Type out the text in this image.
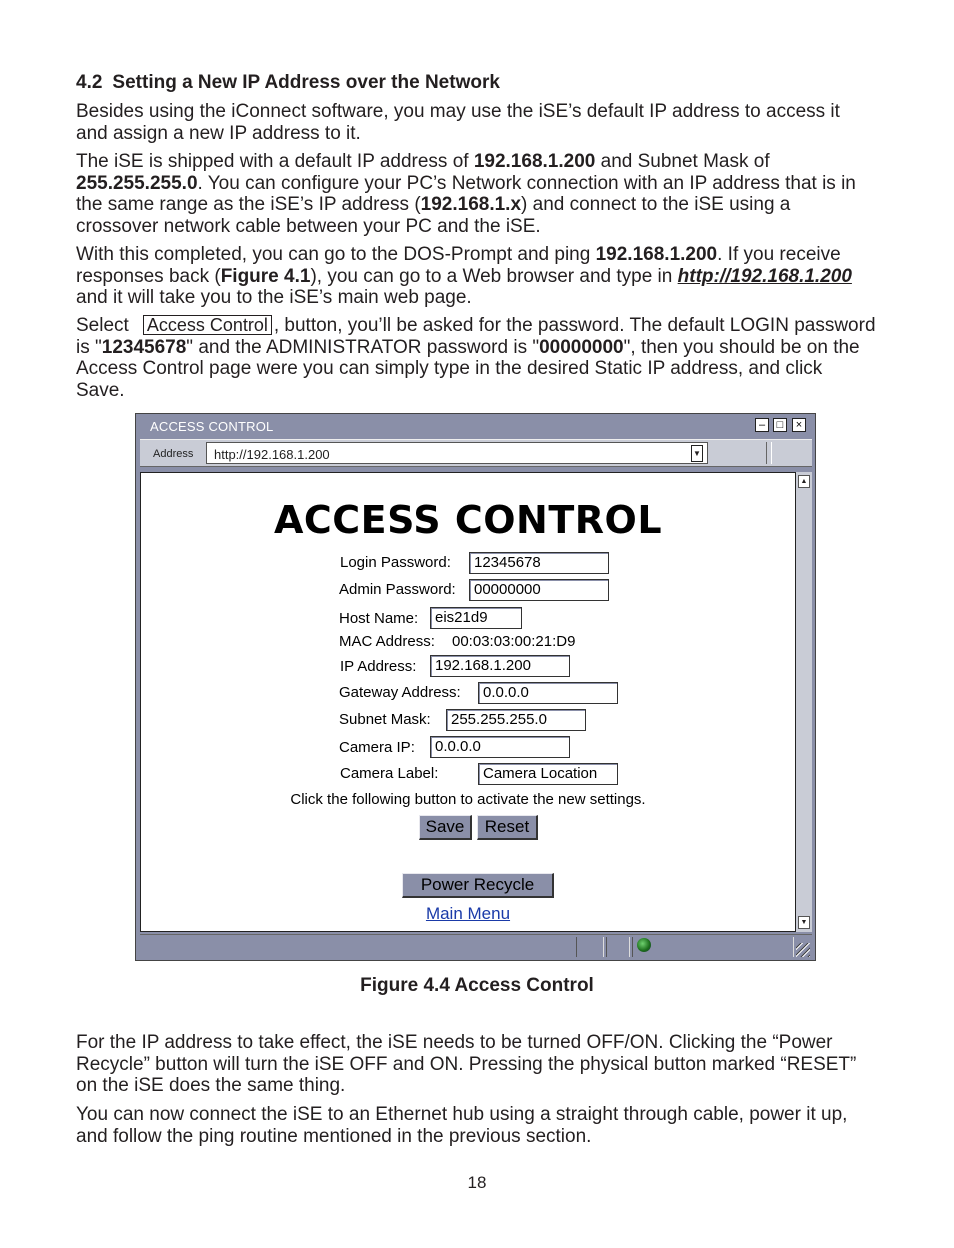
4.2 Setting a New IP Address over the Network

Besides using the iConnect software, you may use the iSE’s default IP address to access it and assign a new IP address to it.

The iSE is shipped with a default IP address of 192.168.1.200 and Subnet Mask of 255.255.255.0. You can configure your PC’s Network connection with an IP address that is in the same range as the iSE’s IP address (192.168.1.x) and connect to the iSE using a crossover network cable between your PC and the iSE.

With this completed, you can go to the DOS-Prompt and ping 192.168.1.200. If you receive responses back (Figure 4.1), you can go to a Web browser and type in http://192.168.1.200 and it will take you to the iSE’s main web page.

Select Access Control , button, you’ll be asked for the password. The default LOGIN password is "12345678" and the ADMINISTRATOR password is "00000000", then you should be on the Access Control page were you can simply type in the desired Static IP address, and click Save.

ACCESS CONTROL	–	□	×
Address http://192.168.1.200	▼
ACCESS CONTROL
Login Password:	12345678
Admin Password:	00000000
Host Name:	eis21d9
MAC Address: 00:03:03:00:21:D9
IP Address:	192.168.1.200
Gateway Address:	0.0.0.0
Subnet Mask:	255.255.255.0
Camera IP:	0.0.0.0
Camera Label:	Camera Location
Click the following button to activate the new settings.
Save	Reset
Power Recycle
Main Menu
▲
▼
Figure 4.4 Access Control

For the IP address to take effect, the iSE needs to be turned OFF/ON. Clicking the “Power Recycle” button will turn the iSE OFF and ON. Pressing the physical button marked “RESET” on the iSE does the same thing.

You can now connect the iSE to an Ethernet hub using a straight through cable, power it up, and follow the ping routine mentioned in the previous section.

18
